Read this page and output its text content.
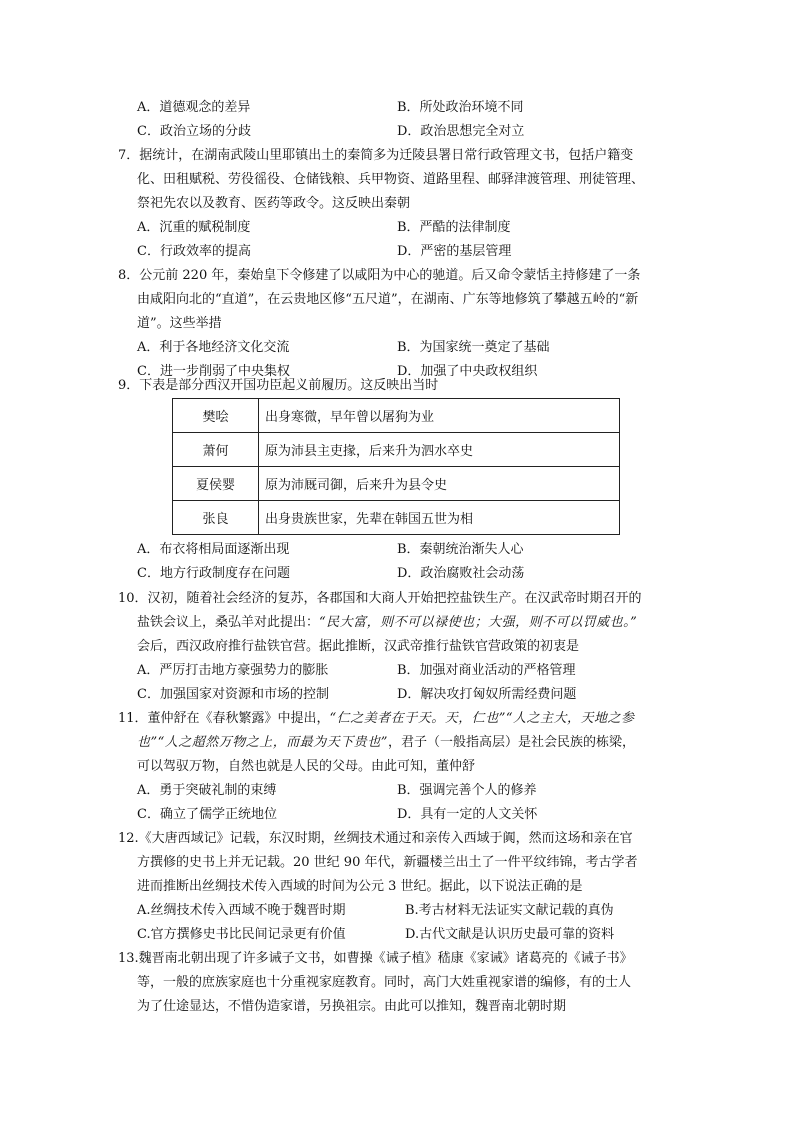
A．道德观念的差异	B．所处政治环境不同
C．政治立场的分歧	D．政治思想完全对立
7．据统计，在湖南武陵山里耶镇出土的秦简多为迁陵县署日常行政管理文书，包括户籍变
化、田租赋税、劳役徭役、仓储钱粮、兵甲物资、道路里程、邮驿津渡管理、刑徒管理、
祭祀先农以及教育、医药等政令。这反映出秦朝
A．沉重的赋税制度	B．严酷的法律制度
C．行政效率的提高	D．严密的基层管理
8．公元前 220 年，秦始皇下令修建了以咸阳为中心的驰道。后又命令蒙恬主持修建了一条
由咸阳向北的“直道”，在云贵地区修“五尺道”，在湖南、广东等地修筑了攀越五岭的“新
道”。这些举措
A．利于各地经济文化交流	B．为国家统一奠定了基础
C．进一步削弱了中央集权	D．加强了中央政权组织
9．下表是部分西汉开国功臣起义前履历。这反映出当时
樊哙	出身寒微，早年曾以屠狗为业
萧何	原为沛县主吏掾，后来升为泗水卒史
夏侯婴	原为沛厩司御，后来升为县令史
张良	出身贵族世家，先辈在韩国五世为相
A．布衣将相局面逐渐出现	B．秦朝统治渐失人心
C．地方行政制度存在问题	D．政治腐败社会动荡
10．汉初，随着社会经济的复苏，各郡国和大商人开始把控盐铁生产。在汉武帝时期召开的
盐铁会议上，桑弘羊对此提出：“民大富，则不可以禄使也；大强，则不可以罚威也。”
会后，西汉政府推行盐铁官营。据此推断，汉武帝推行盐铁官营政策的初衷是
A．严厉打击地方豪强势力的膨胀	B．加强对商业活动的严格管理
C．加强国家对资源和市场的控制	D．解决攻打匈奴所需经费问题
11．董仲舒在《春秋繁露》中提出，“仁之美者在于天。天，仁也”“人之主大，天地之参
也”“人之超然万物之上，而最为天下贵也”，君子（一般指高层）是社会民族的栋梁，
可以驾驭万物，自然也就是人民的父母。由此可知，董仲舒
A．勇于突破礼制的束缚	B．强调完善个人的修养
C．确立了儒学正统地位	D．具有一定的人文关怀
12.《大唐西域记》记载，东汉时期，丝绸技术通过和亲传入西域于阗，然而这场和亲在官
方撰修的史书上并无记载。20 世纪 90 年代，新疆楼兰出土了一件平纹纬锦，考古学者
进而推断出丝绸技术传入西域的时间为公元 3 世纪。据此，以下说法正确的是
A.丝绸技术传入西域不晚于魏晋时期	B.考古材料无法证实文献记载的真伪
C.官方撰修史书比民间记录更有价值	D.古代文献是认识历史最可靠的资料
13.魏晋南北朝出现了许多诫子文书，如曹操《诫子植》嵇康《家诫》诸葛亮的《诫子书》
等，一般的庶族家庭也十分重视家庭教育。同时，高门大姓重视家谱的编修，有的士人
为了仕途显达，不惜伪造家谱，另换祖宗。由此可以推知，魏晋南北朝时期
